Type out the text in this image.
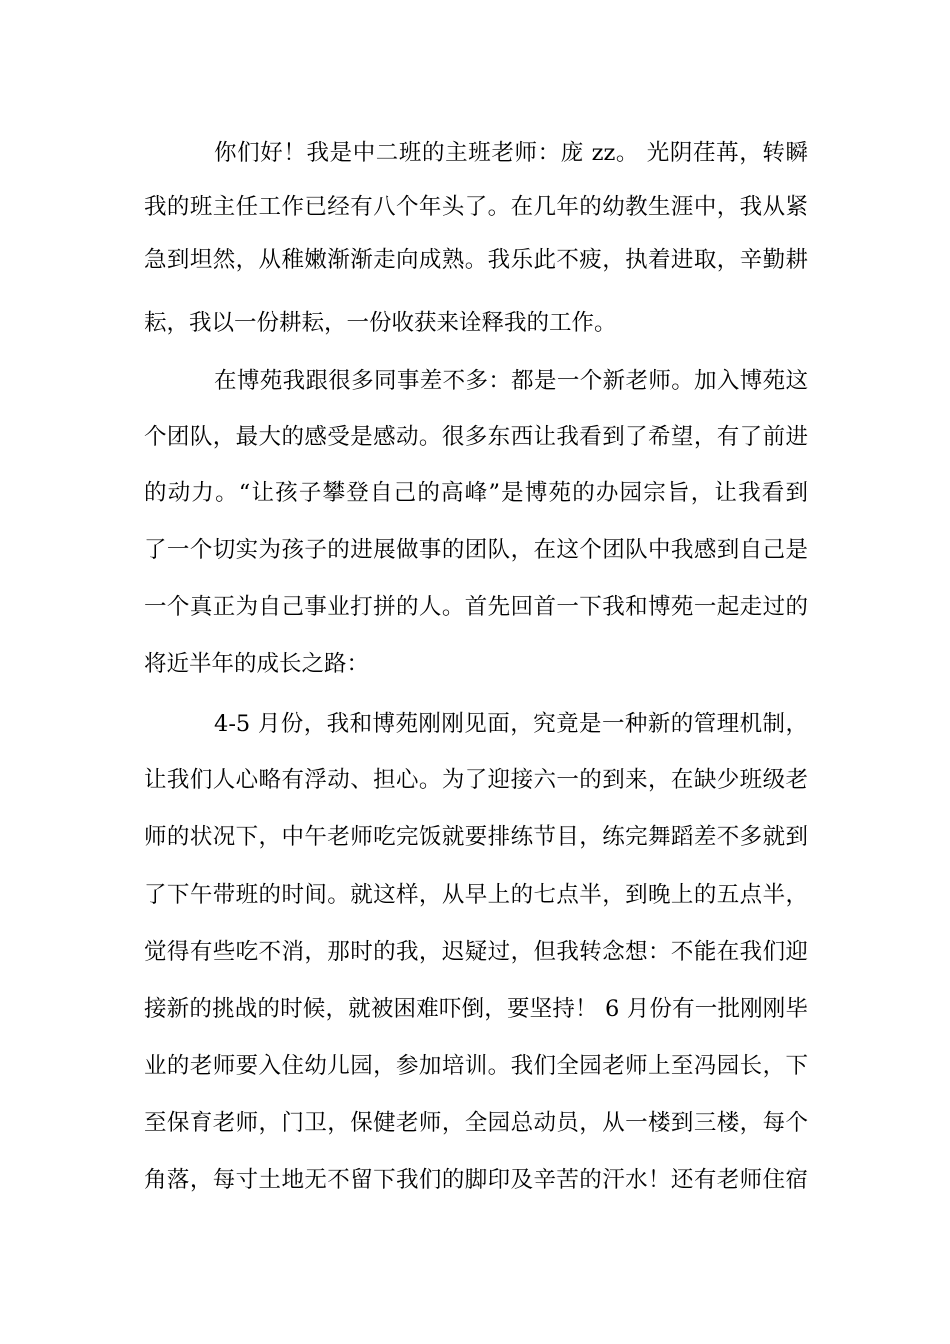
你们好！我是中二班的主班老师：庞 zz。 光阴荏苒，转瞬
我的班主任工作已经有八个年头了。在几年的幼教生涯中，我从紧
急到坦然，从稚嫩渐渐走向成熟。我乐此不疲，执着进取，辛勤耕
耘，我以一份耕耘，一份收获来诠释我的工作。
在博苑我跟很多同事差不多：都是一个新老师。加入博苑这
个团队，最大的感受是感动。很多东西让我看到了希望，有了前进
的动力。“让孩子攀登自己的高峰”是博苑的办园宗旨，让我看到
了一个切实为孩子的进展做事的团队，在这个团队中我感到自己是
一个真正为自己事业打拼的人。首先回首一下我和博苑一起走过的
将近半年的成长之路：
4-5 月份，我和博苑刚刚见面，究竟是一种新的管理机制，
让我们人心略有浮动、担心。为了迎接六一的到来，在缺少班级老
师的状况下，中午老师吃完饭就要排练节目，练完舞蹈差不多就到
了下午带班的时间。就这样，从早上的七点半，到晚上的五点半，
觉得有些吃不消，那时的我，迟疑过，但我转念想：不能在我们迎
接新的挑战的时候，就被困难吓倒，要坚持！ 6 月份有一批刚刚毕
业的老师要入住幼儿园，参加培训。我们全园老师上至冯园长，下
至保育老师，门卫，保健老师，全园总动员，从一楼到三楼，每个
角落，每寸土地无不留下我们的脚印及辛苦的汗水！还有老师住宿
